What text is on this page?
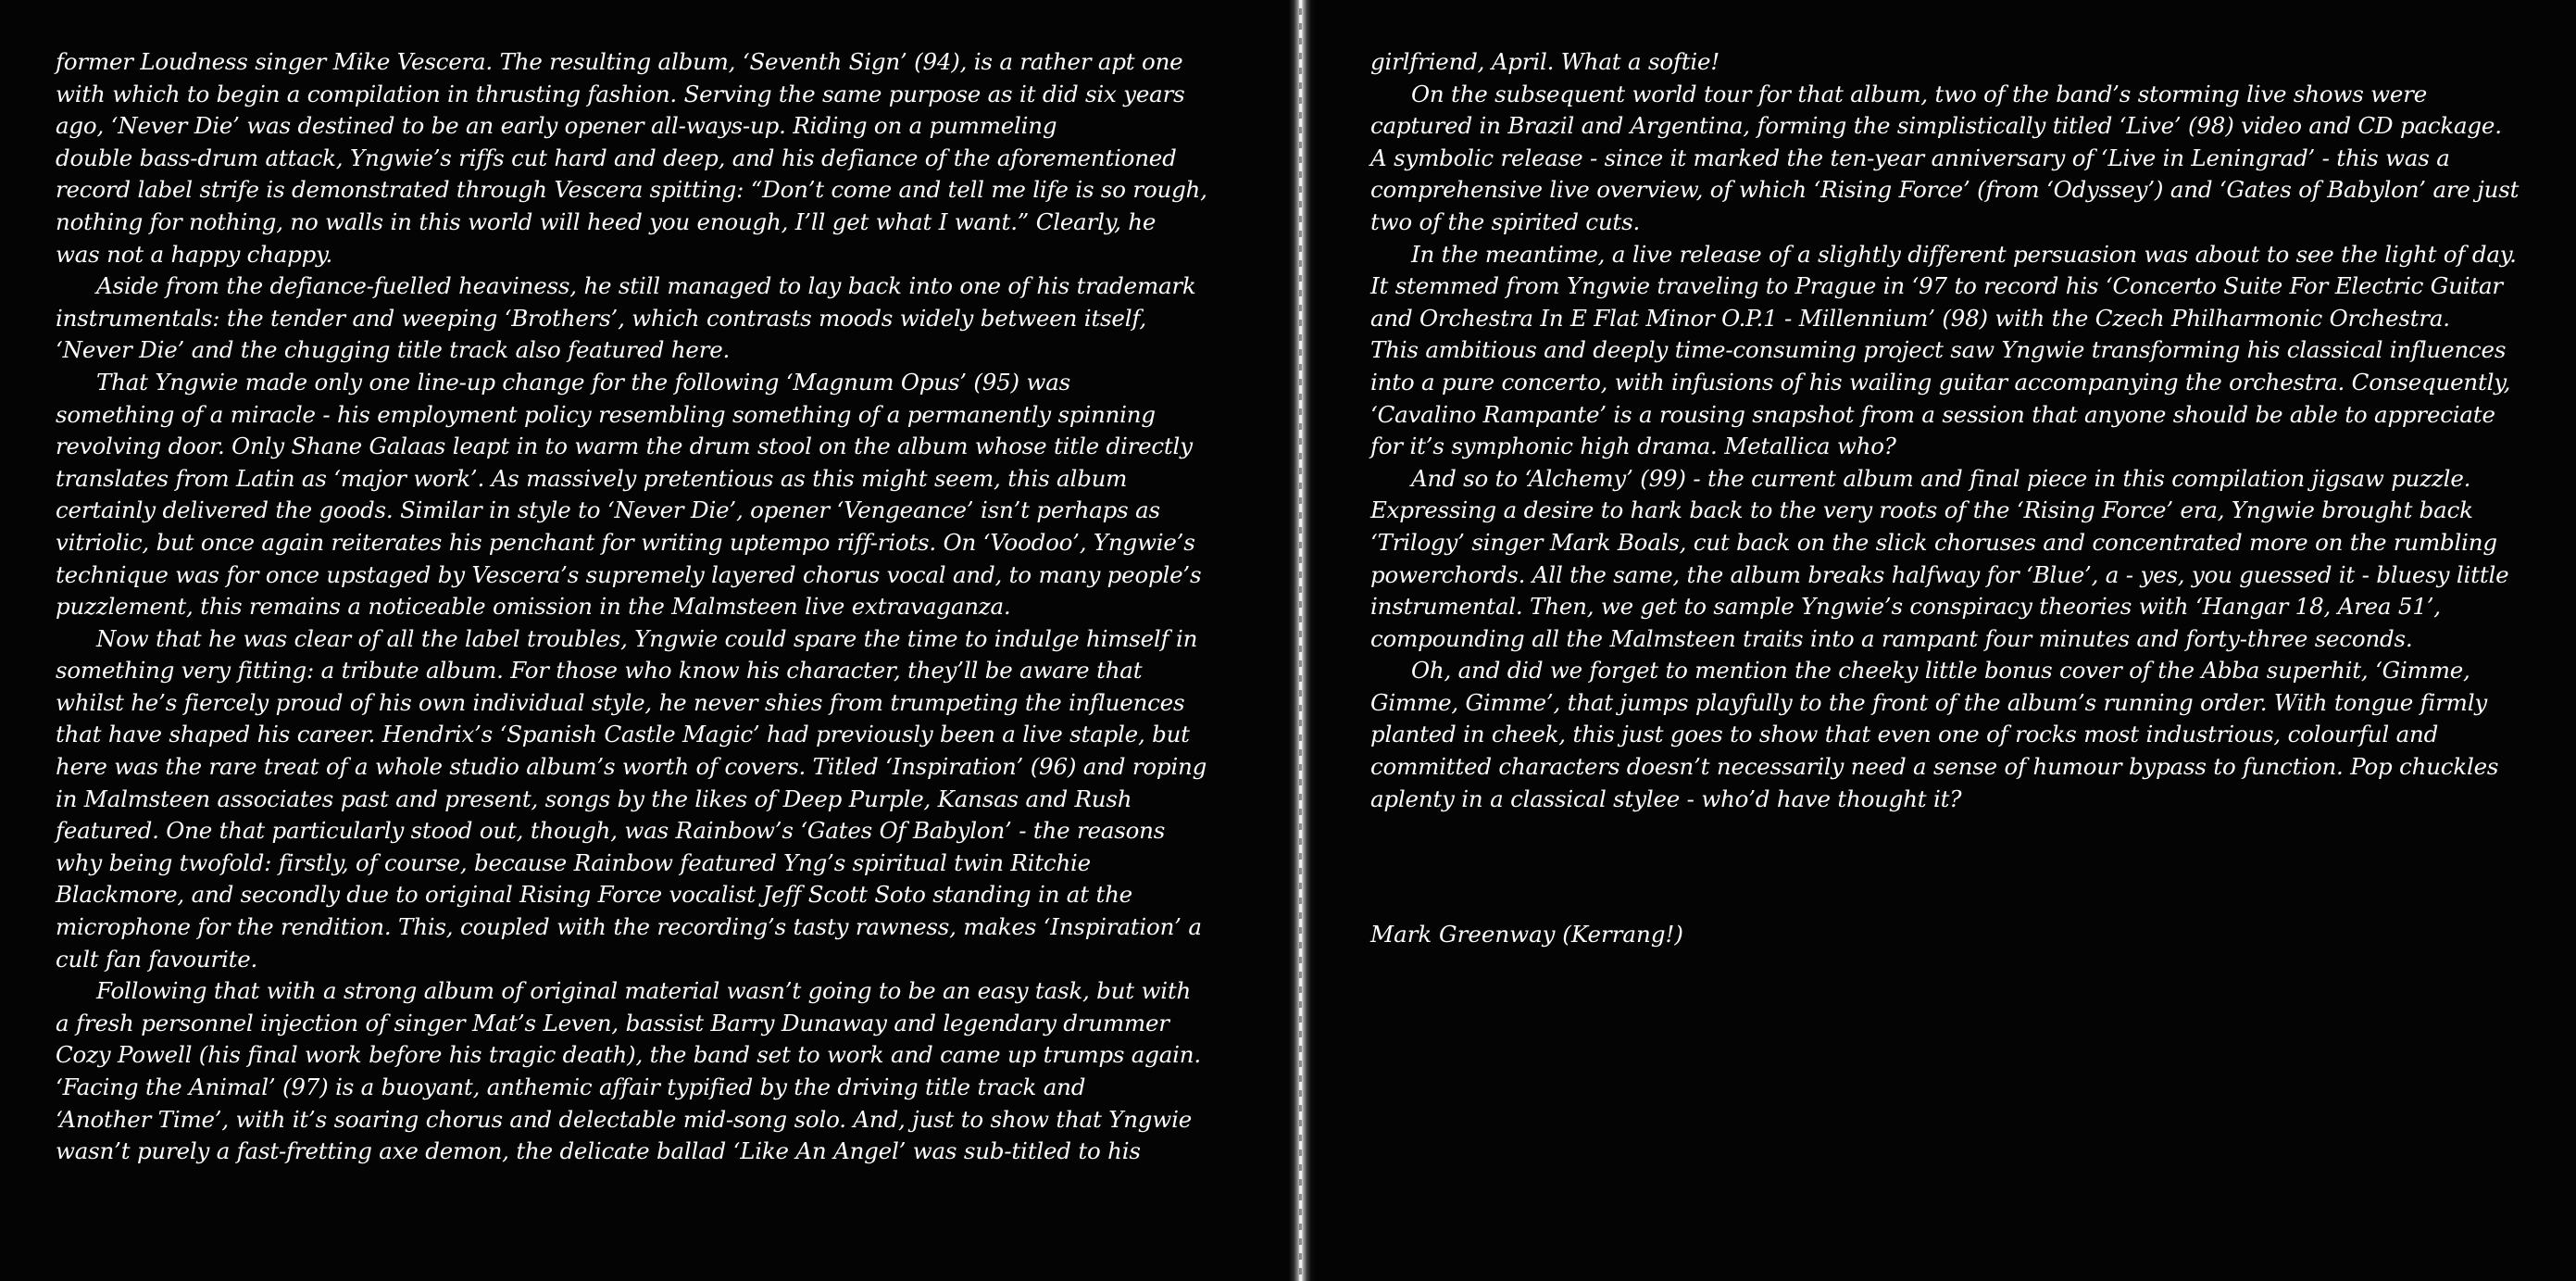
former Loudness singer Mike Vescera. The resulting album, ‘Seventh Sign’ (94), is a rather apt one
with which to begin a compilation in thrusting fashion. Serving the same purpose as it did six years
ago, ‘Never Die’ was destined to be an early opener all-ways-up. Riding on a pummeling
double bass-drum attack, Yngwie’s riffs cut hard and deep, and his defiance of the aforementioned
record label strife is demonstrated through Vescera spitting: “Don’t come and tell me life is so rough,
nothing for nothing, no walls in this world will heed you enough, I’ll get what I want.” Clearly, he
was not a happy chappy.
Aside from the defiance-fuelled heaviness, he still managed to lay back into one of his trademark
instrumentals: the tender and weeping ‘Brothers’, which contrasts moods widely between itself,
‘Never Die’ and the chugging title track also featured here.
That Yngwie made only one line-up change for the following ‘Magnum Opus’ (95) was
something of a miracle - his employment policy resembling something of a permanently spinning
revolving door. Only Shane Galaas leapt in to warm the drum stool on the album whose title directly
translates from Latin as ‘major work’. As massively pretentious as this might seem, this album
certainly delivered the goods. Similar in style to ‘Never Die’, opener ‘Vengeance’ isn’t perhaps as
vitriolic, but once again reiterates his penchant for writing uptempo riff-riots. On ‘Voodoo’, Yngwie’s
technique was for once upstaged by Vescera’s supremely layered chorus vocal and, to many people’s
puzzlement, this remains a noticeable omission in the Malmsteen live extravaganza.
Now that he was clear of all the label troubles, Yngwie could spare the time to indulge himself in
something very fitting: a tribute album. For those who know his character, they’ll be aware that
whilst he’s fiercely proud of his own individual style, he never shies from trumpeting the influences
that have shaped his career. Hendrix’s ‘Spanish Castle Magic’ had previously been a live staple, but
here was the rare treat of a whole studio album’s worth of covers. Titled ‘Inspiration’ (96) and roping
in Malmsteen associates past and present, songs by the likes of Deep Purple, Kansas and Rush
featured. One that particularly stood out, though, was Rainbow’s ‘Gates Of Babylon’ - the reasons
why being twofold: firstly, of course, because Rainbow featured Yng’s spiritual twin Ritchie
Blackmore, and secondly due to original Rising Force vocalist Jeff Scott Soto standing in at the
microphone for the rendition. This, coupled with the recording’s tasty rawness, makes ‘Inspiration’ a
cult fan favourite.
Following that with a strong album of original material wasn’t going to be an easy task, but with
a fresh personnel injection of singer Mat’s Leven, bassist Barry Dunaway and legendary drummer
Cozy Powell (his final work before his tragic death), the band set to work and came up trumps again.
‘Facing the Animal’ (97) is a buoyant, anthemic affair typified by the driving title track and
‘Another Time’, with it’s soaring chorus and delectable mid-song solo. And, just to show that Yngwie
wasn’t purely a fast-fretting axe demon, the delicate ballad ‘Like An Angel’ was sub-titled to his
girlfriend, April. What a softie!
On the subsequent world tour for that album, two of the band’s storming live shows were
captured in Brazil and Argentina, forming the simplistically titled ‘Live’ (98) video and CD package.
A symbolic release - since it marked the ten-year anniversary of ‘Live in Leningrad’ - this was a
comprehensive live overview, of which ‘Rising Force’ (from ‘Odyssey’) and ‘Gates of Babylon’ are just
two of the spirited cuts.
In the meantime, a live release of a slightly different persuasion was about to see the light of day.
It stemmed from Yngwie traveling to Prague in ‘97 to record his ‘Concerto Suite For Electric Guitar
and Orchestra In E Flat Minor O.P.1 - Millennium’ (98) with the Czech Philharmonic Orchestra.
This ambitious and deeply time-consuming project saw Yngwie transforming his classical influences
into a pure concerto, with infusions of his wailing guitar accompanying the orchestra. Consequently,
‘Cavalino Rampante’ is a rousing snapshot from a session that anyone should be able to appreciate
for it’s symphonic high drama. Metallica who?
And so to ‘Alchemy’ (99) - the current album and final piece in this compilation jigsaw puzzle.
Expressing a desire to hark back to the very roots of the ‘Rising Force’ era, Yngwie brought back
‘Trilogy’ singer Mark Boals, cut back on the slick choruses and concentrated more on the rumbling
powerchords. All the same, the album breaks halfway for ‘Blue’, a - yes, you guessed it - bluesy little
instrumental. Then, we get to sample Yngwie’s conspiracy theories with ‘Hangar 18, Area 51’,
compounding all the Malmsteen traits into a rampant four minutes and forty-three seconds.
Oh, and did we forget to mention the cheeky little bonus cover of the Abba superhit, ‘Gimme,
Gimme, Gimme’, that jumps playfully to the front of the album’s running order. With tongue firmly
planted in cheek, this just goes to show that even one of rocks most industrious, colourful and
committed characters doesn’t necessarily need a sense of humour bypass to function. Pop chuckles
aplenty in a classical stylee - who’d have thought it?
Mark Greenway (Kerrang!)
